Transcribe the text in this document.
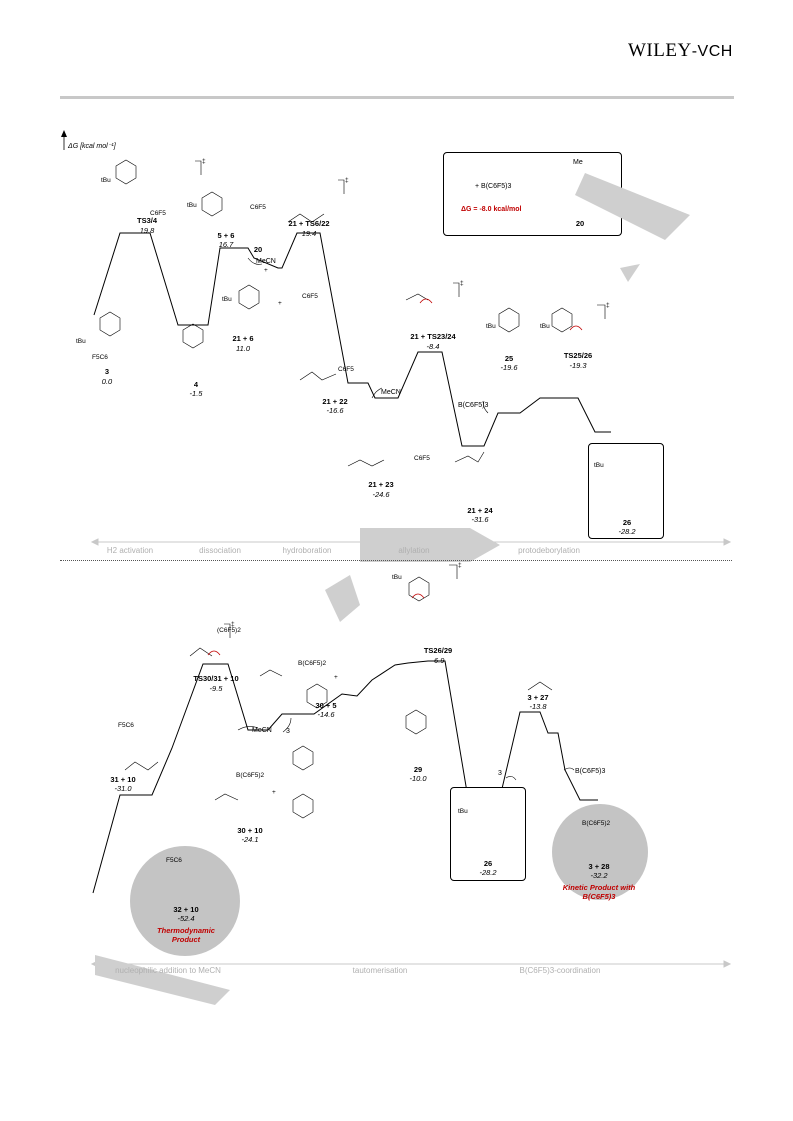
WILEY-VCH
ΔG [kcal mol⁻¹]
+ B(C6F5)3
ΔG = -8.0 kcal/mol
Me
20
TS3/4
19.8
3
0.0	4
-1.5
5 + 6
16.7
21 + TS6/22
19.4
21 + 6
11.0
21 + 22
-16.6
21 + 23
-24.6
21 + TS23/24
-8.4
21 + 24
-31.6
25
-19.6
TS25/26
-19.3
26
-28.2
20
MeCN
MeCN
B(C6F5)3
H2 activation	dissociation	hydroboration	allylation	protodeborylation
31 + 10
-31.0
TS30/31 + 10
-9.5
30 + 10
-24.1
30 + 5
-14.6
TS26/29
-6.9
29
-10.0
26
-28.2
3 + 27
-13.8
3 + 28
-32.2
Kinetic Product with B(C6F5)3
32 + 10
-52.4
Thermodynamic Product
MeCN 3
3	B(C6F5)3
nucleophilic addition to MeCN	tautomerisation	B(C6F5)3-coordination
tBu
C6F5
tBu	C6F5
tBu
F5C6
tBu	C6F5
C6F5
C6F5
tBu	tBu
tBu
(C6F5)2
B(C6F5)2
B(C6F5)2
tBu
F5C6
F5C6
B(C6F5)2
tBu
+
+
+
+
‡
‡
‡
‡
‡
‡
